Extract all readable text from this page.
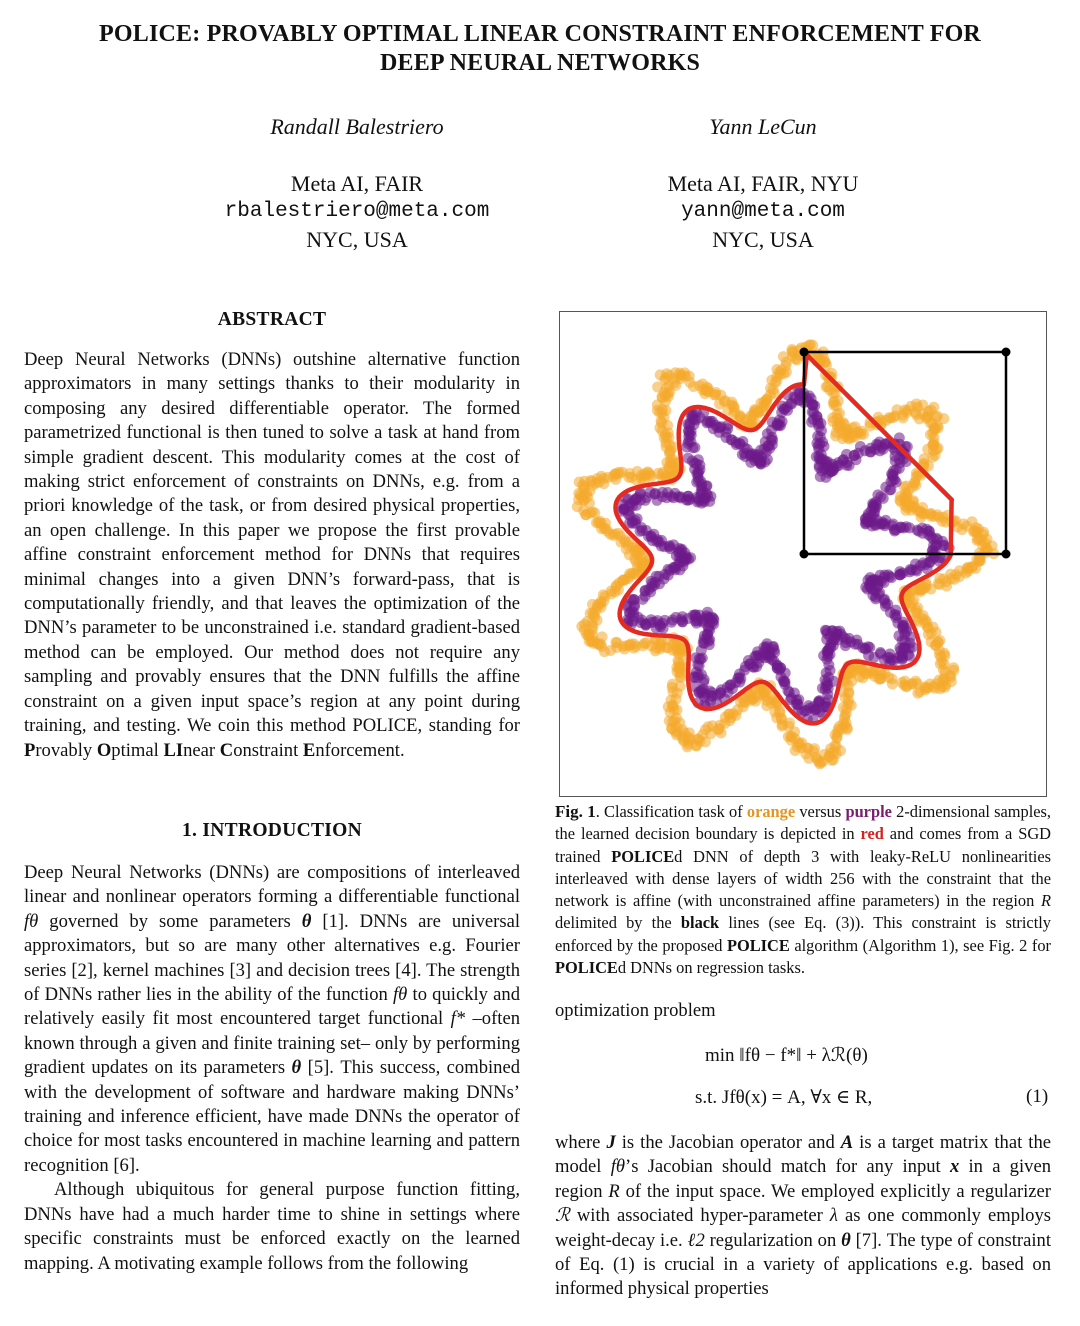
POLICE: PROVABLY OPTIMAL LINEAR CONSTRAINT ENFORCEMENT FOR
DEEP NEURAL NETWORKS
Randall Balestriero	Yann LeCun
Meta AI, FAIR
rbalestriero@meta.com
NYC, USA
Meta AI, FAIR, NYU
yann@meta.com
NYC, USA
ABSTRACT

Deep Neural Networks (DNNs) outshine alternative function approximators in many settings thanks to their modularity in composing any desired differentiable operator. The formed parametrized functional is then tuned to solve a task at hand from simple gradient descent. This modularity comes at the cost of making strict enforcement of constraints on DNNs, e.g. from a priori knowledge of the task, or from desired physical properties, an open challenge. In this paper we propose the first provable affine constraint enforcement method for DNNs that requires minimal changes into a given DNN’s forward-pass, that is computationally friendly, and that leaves the optimization of the DNN’s parameter to be unconstrained i.e. standard gradient-based method can be employed. Our method does not require any sampling and provably ensures that the DNN fulfills the affine constraint on a given input space’s region at any point during training, and testing. We coin this method POLICE, standing for Provably Optimal LInear Constraint Enforcement.

1. INTRODUCTION

Deep Neural Networks (DNNs) are compositions of interleaved linear and nonlinear operators forming a differentiable functional fθ governed by some parameters θ [1]. DNNs are universal approximators, but so are many other alternatives e.g. Fourier series [2], kernel machines [3] and decision trees [4]. The strength of DNNs rather lies in the ability of the function fθ to quickly and relatively easily fit most encountered target functional f* –often known through a given and finite training set– only by performing gradient updates on its parameters θ [5]. This success, combined with the development of software and hardware making DNNs’ training and inference efficient, have made DNNs the operator of choice for most tasks encountered in machine learning and pattern recognition [6].

Although ubiquitous for general purpose function fitting, DNNs have had a much harder time to shine in settings where specific constraints must be enforced exactly on the learned mapping. A motivating example follows from the following

Fig. 1. Classification task of orange versus purple 2-dimensional samples, the learned decision boundary is depicted in red and comes from a SGD trained POLICEd DNN of depth 3 with leaky-ReLU nonlinearities interleaved with dense layers of width 256 with the constraint that the network is affine (with unconstrained affine parameters) in the region R delimited by the black lines (see Eq. (3)). This constraint is strictly enforced by the proposed POLICE algorithm (Algorithm 1), see Fig. 2 for POLICEd DNNs on regression tasks.
optimization problem
min ‖fθ − f*‖ + λℛ(θ)
s.t. Jfθ(x) = A, ∀x ∈ R,	(1)

where J is the Jacobian operator and A is a target matrix that the model fθ’s Jacobian should match for any input x in a given region R of the input space. We employed explicitly a regularizer ℛ with associated hyper-parameter λ as one commonly employs weight-decay i.e. ℓ2 regularization on θ [7]. The type of constraint of Eq. (1) is crucial in a variety of applications e.g. based on informed physical properties
